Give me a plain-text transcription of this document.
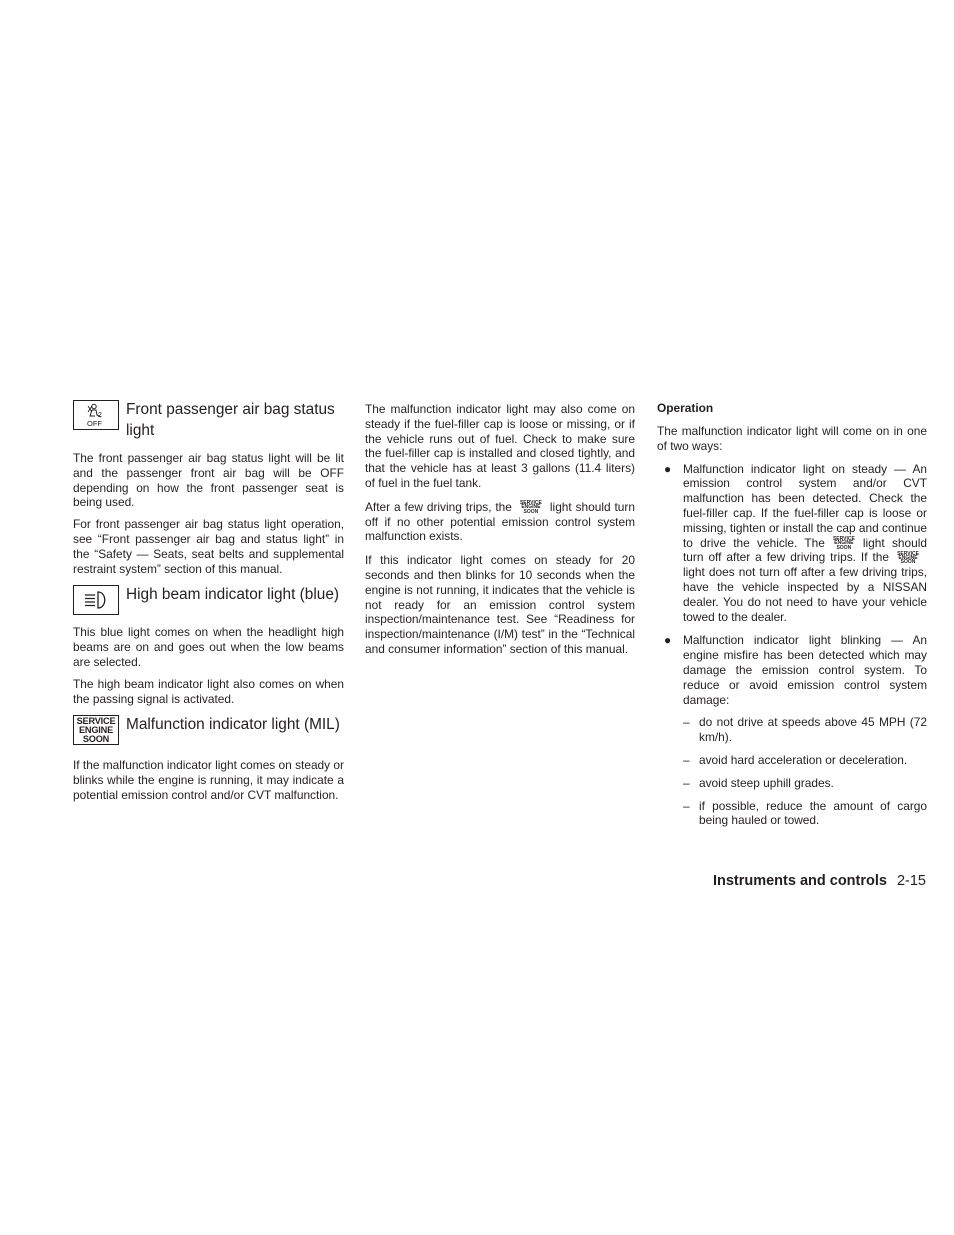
2
OFF
Front passenger air bag status light

The front passenger air bag status light will be lit and the passenger front air bag will be OFF depending on how the front passenger seat is being used.

For front passenger air bag status light operation, see “Front passenger air bag and status light” in the “Safety — Seats, seat belts and supplemental restraint system” section of this manual.

High beam indicator light (blue)

This blue light comes on when the headlight high beams are on and goes out when the low beams are selected.

The high beam indicator light also comes on when the passing signal is activated.

SERVICE
ENGINE
SOON
Malfunction indicator light (MIL)

If the malfunction indicator light comes on steady or blinks while the engine is running, it may indicate a potential emission control and/or CVT malfunction.

The malfunction indicator light may also come on steady if the fuel-filler cap is loose or missing, or if the vehicle runs out of fuel. Check to make sure the fuel-filler cap is installed and closed tightly, and that the vehicle has at least 3 gallons (11.4 liters) of fuel in the fuel tank.

After a few driving trips, the SERVICE
ENGINE
SOON light should turn off if no other potential emission control system malfunction exists.

If this indicator light comes on steady for 20 seconds and then blinks for 10 seconds when the engine is not running, it indicates that the vehicle is not ready for an emission control system inspection/maintenance test. See “Readiness for inspection/maintenance (I/M) test” in the “Technical and consumer information” section of this manual.

Operation

The malfunction indicator light will come on in one of two ways:

● Malfunction indicator light on steady — An emission control system and/or CVT malfunction has been detected. Check the fuel-filler cap. If the fuel-filler cap is loose or missing, tighten or install the cap and continue to drive the vehicle. The SERVICE
ENGINE
SOON light should turn off after a few driving trips. If the SERVICE
ENGINE
SOON
light does not turn off after a few driving trips, have the vehicle inspected by a NISSAN dealer. You do not need to have your vehicle towed to the dealer.

● Malfunction indicator light blinking — An engine misfire has been detected which may damage the emission control system. To reduce or avoid emission control system damage:

– do not drive at speeds above 45 MPH (72 km/h).

– avoid hard acceleration or deceleration.

– avoid steep uphill grades.

– if possible, reduce the amount of cargo being hauled or towed.

Instruments and controls 2-15
